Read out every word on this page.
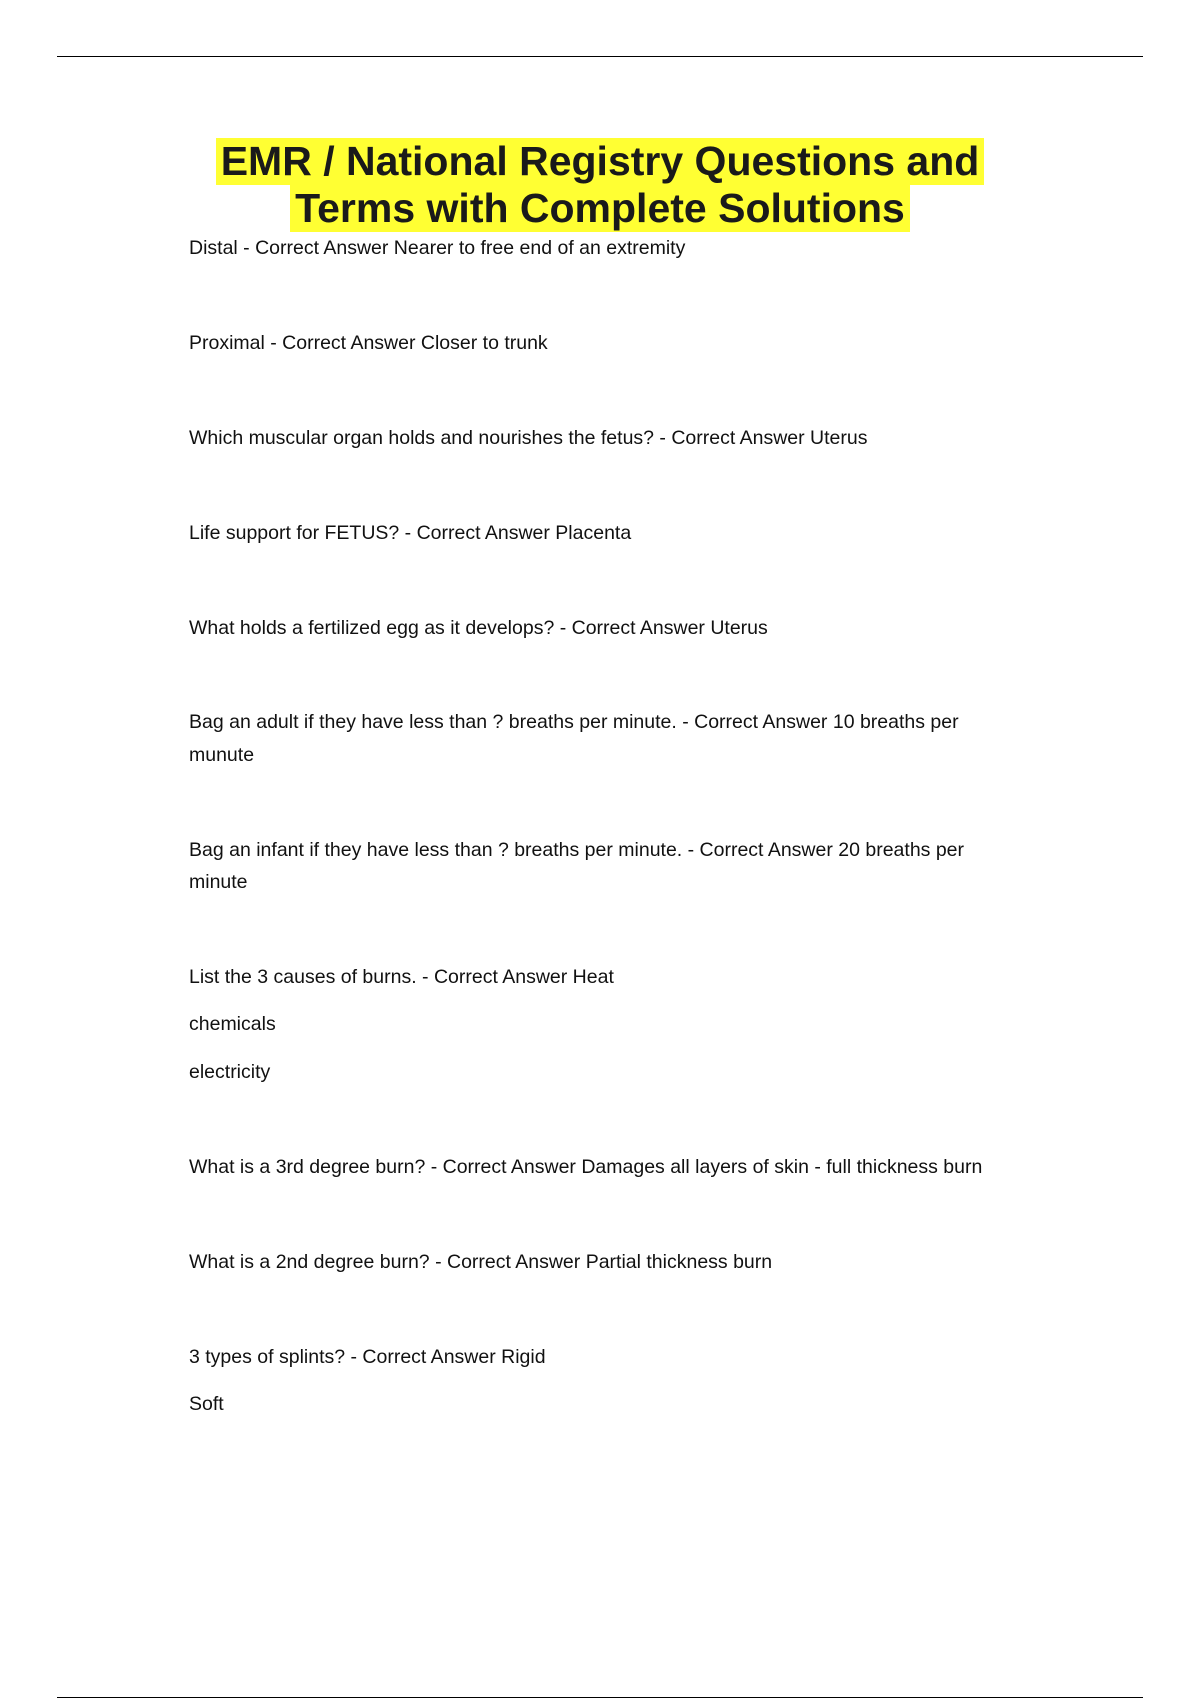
EMR / National Registry Questions and
Terms with Complete Solutions

Distal - Correct Answer Nearer to free end of an extremity

Proximal - Correct Answer Closer to trunk

Which muscular organ holds and nourishes the fetus? - Correct Answer Uterus

Life support for FETUS? - Correct Answer Placenta

What holds a fertilized egg as it develops? - Correct Answer Uterus

Bag an adult if they have less than ? breaths per minute. - Correct Answer 10 breaths per

munute

Bag an infant if they have less than ? breaths per minute. - Correct Answer 20 breaths per

minute

List the 3 causes of burns. - Correct Answer Heat

chemicals

electricity

What is a 3rd degree burn? - Correct Answer Damages all layers of skin - full thickness burn

What is a 2nd degree burn? - Correct Answer Partial thickness burn

3 types of splints? - Correct Answer Rigid

Soft
